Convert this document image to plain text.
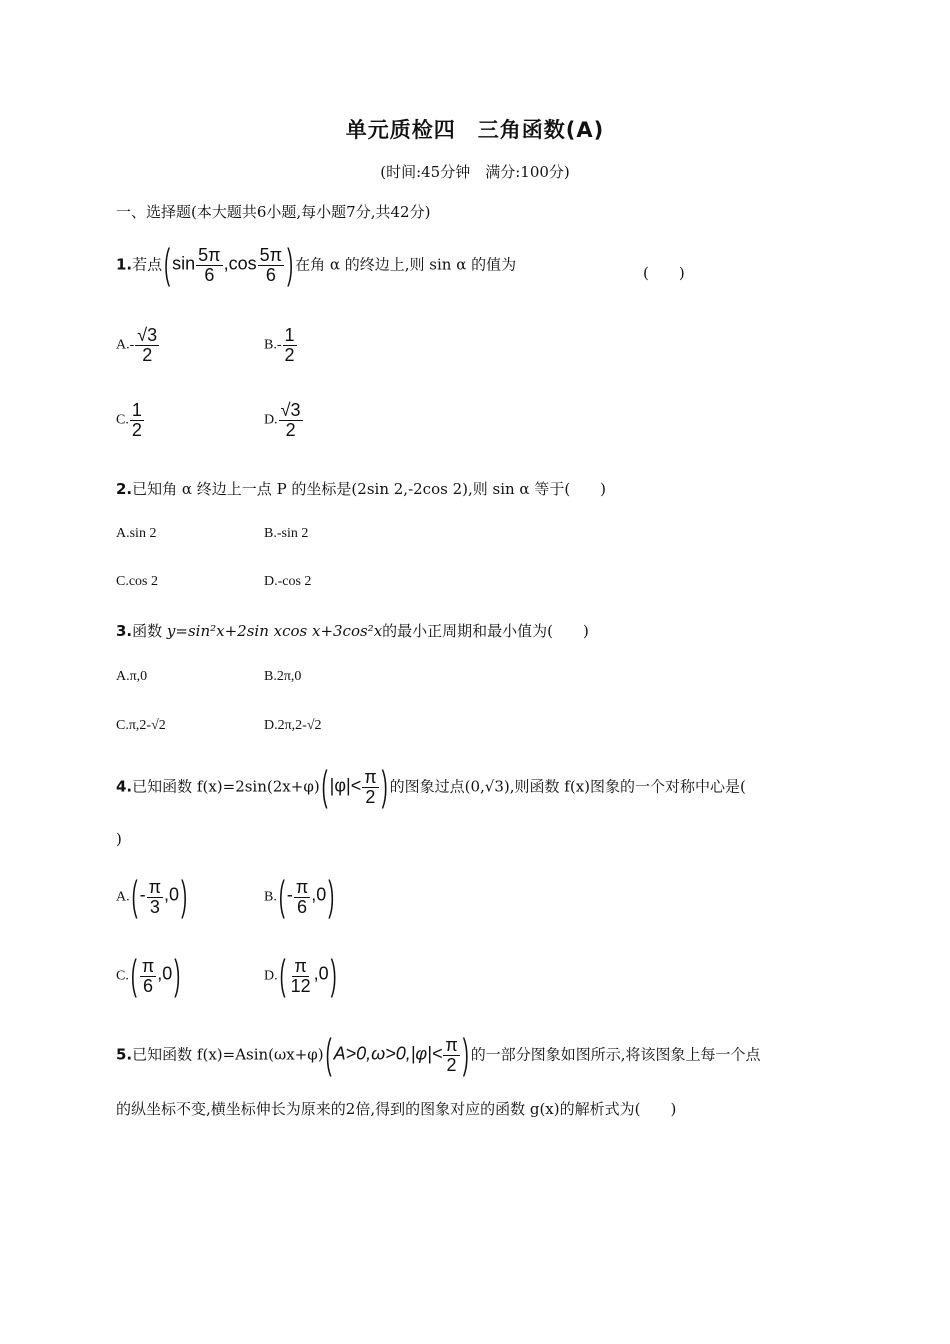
单元质检四　三角函数(A)
(时间:45分钟　满分:100分)
一、选择题(本大题共6小题,每小题7分,共42分)
1.若点 ( $\sin \frac{5\pi}{6} ,\cos \frac{5\pi}{6}$ ) 在角 α 的终边上,则 sin α 的值为	(　　)
$A.- \frac{√3}{2}$	$B.- \frac{1}{2}$
C. $\frac{1}{2}$	D. $\frac{√3}{2}$
2.已知角 α 终边上一点 P 的坐标是(2sin 2,-2cos 2),则 sin α 等于(　　)
A.sin 2	B.-sin 2
C.cos 2	D.-cos 2
3.函数 y=sin²x+2sin xcos x+3cos²x的最小正周期和最小值为(　　)
A.π,0	B.2π,0
C.π,2-√2	D.2π,2-√2
4.已知函数 f(x)=2sin(2x+φ) ( $|\varphi|< \frac{\pi}{2}$ ) 的图象过点(0,√3),则函数 f(x)图象的一个对称中心是(
)
A. ( - $\frac{\pi}{3} ,0$ )	B. ( - $\frac{\pi}{6} ,0$ )
C. ( $\frac{\pi}{6} ,0$ )	D. ( $\frac{\pi}{12} ,0$ )
5.已知函数 f(x)=Asin(ωx+φ) ( $A>0,\omega>0,|\varphi|< \frac{\pi}{2}$ ) 的一部分图象如图所示,将该图象上每一个点
的纵坐标不变,横坐标伸长为原来的2倍,得到的图象对应的函数 g(x)的解析式为(　　)
